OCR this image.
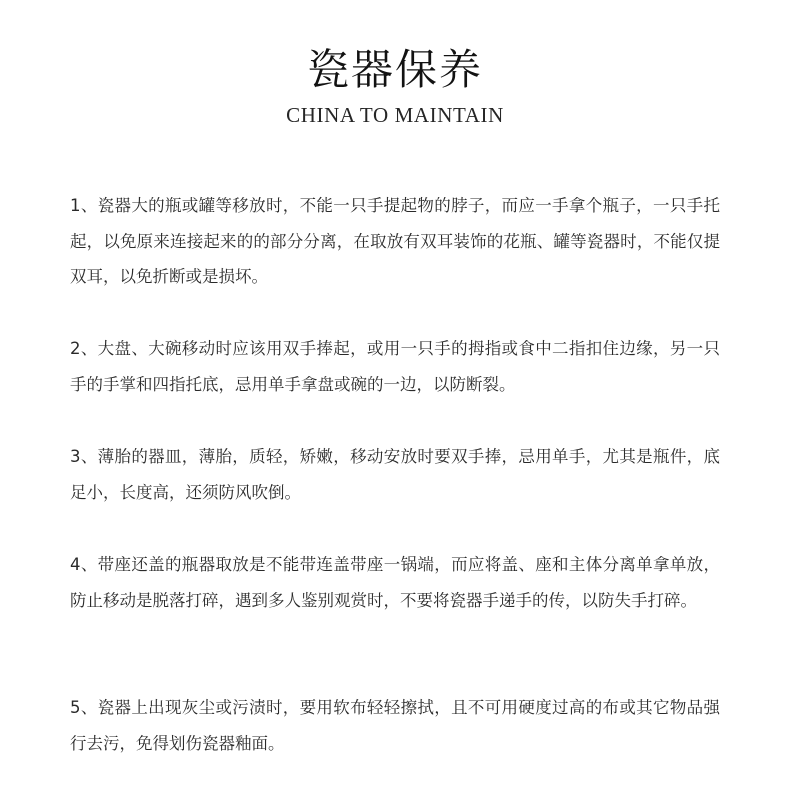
瓷器保养
CHINA TO MAINTAIN
1、瓷器大的瓶或罐等移放时，不能一只手提起物的脖子，而应一手拿个瓶子，一只手托起，以免原来连接起来的的部分分离，在取放有双耳装饰的花瓶、罐等瓷器时，不能仅提双耳，以免折断或是损坏。
2、大盘、大碗移动时应该用双手捧起，或用一只手的拇指或食中二指扣住边缘，另一只手的手掌和四指托底，忌用单手拿盘或碗的一边，以防断裂。
3、薄胎的器皿，薄胎，质轻，矫嫩，移动安放时要双手捧，忌用单手，尤其是瓶件，底足小，长度高，还须防风吹倒。
4、带座还盖的瓶器取放是不能带连盖带座一锅端，而应将盖、座和主体分离单拿单放，防止移动是脱落打碎，遇到多人鉴别观赏时，不要将瓷器手递手的传，以防失手打碎。
5、瓷器上出现灰尘或污渍时，要用软布轻轻擦拭，且不可用硬度过高的布或其它物品强行去污，免得划伤瓷器釉面。
